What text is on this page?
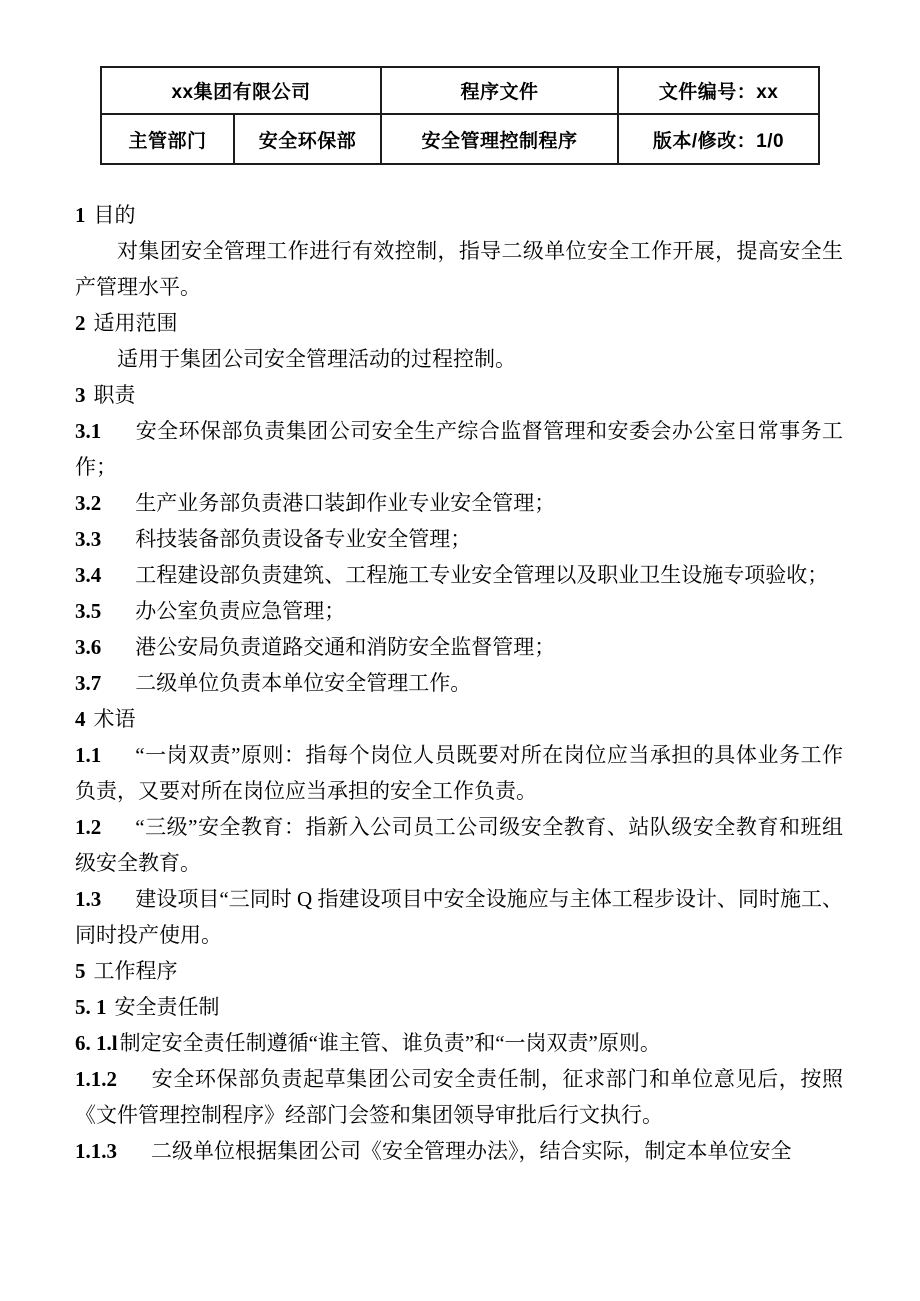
xx集团有限公司		程序文件	文件编号：xx
主管部门	安全环保部	安全管理控制程序	版本/修改：1/0

1 目的

对集团安全管理工作进行有效控制，指导二级单位安全工作开展，提高安全生产管理水平。

2 适用范围

适用于集团公司安全管理活动的过程控制。

3 职责

3.1 安全环保部负责集团公司安全生产综合监督管理和安委会办公室日常事务工作；

3.2 生产业务部负责港口装卸作业专业安全管理；

3.3 科技装备部负责设备专业安全管理；

3.4 工程建设部负责建筑、工程施工专业安全管理以及职业卫生设施专项验收；

3.5 办公室负责应急管理；

3.6 港公安局负责道路交通和消防安全监督管理；

3.7 二级单位负责本单位安全管理工作。

4 术语

1.1 “一岗双责”原则：指每个岗位人员既要对所在岗位应当承担的具体业务工作负责，又要对所在岗位应当承担的安全工作负责。

1.2 “三级”安全教育：指新入公司员工公司级安全教育、站队级安全教育和班组级安全教育。

1.3 建设项目“三同时 Q 指建设项目中安全设施应与主体工程步设计、同时施工、同时投产使用。

5 工作程序

5. 1 安全责任制

6. 1.l制定安全责任制遵循“谁主管、谁负责”和“一岗双责”原则。

1.1.2 安全环保部负责起草集团公司安全责任制，征求部门和单位意见后，按照《文件管理控制程序》经部门会签和集团领导审批后行文执行。

1.1.3 二级单位根据集团公司《安全管理办法》，结合实际，制定本单位安全
